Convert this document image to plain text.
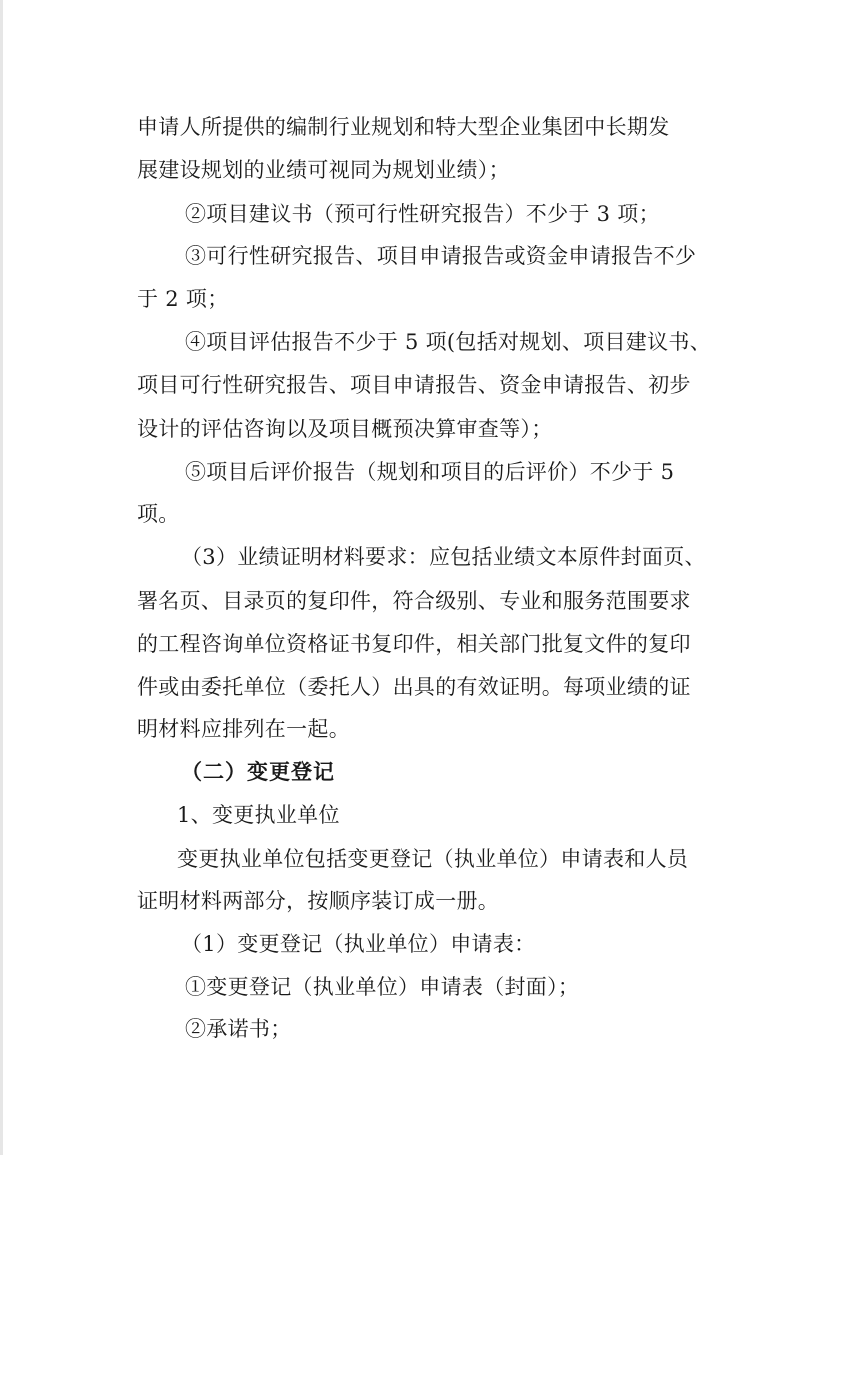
申请人所提供的编制行业规划和特大型企业集团中长期发
展建设规划的业绩可视同为规划业绩）；
②项目建议书（预可行性研究报告）不少于 3 项；
③可行性研究报告、项目申请报告或资金申请报告不少
于 2 项；
④项目评估报告不少于 5 项(包括对规划、项目建议书、
项目可行性研究报告、项目申请报告、资金申请报告、初步
设计的评估咨询以及项目概预决算审查等）；
⑤项目后评价报告（规划和项目的后评价）不少于 5
项。
（3）业绩证明材料要求：应包括业绩文本原件封面页、
署名页、目录页的复印件，符合级别、专业和服务范围要求
的工程咨询单位资格证书复印件，相关部门批复文件的复印
件或由委托单位（委托人）出具的有效证明。每项业绩的证
明材料应排列在一起。
（二）变更登记
1、变更执业单位
变更执业单位包括变更登记（执业单位）申请表和人员
证明材料两部分，按顺序装订成一册。
（1）变更登记（执业单位）申请表：
①变更登记（执业单位）申请表（封面）；
②承诺书；
